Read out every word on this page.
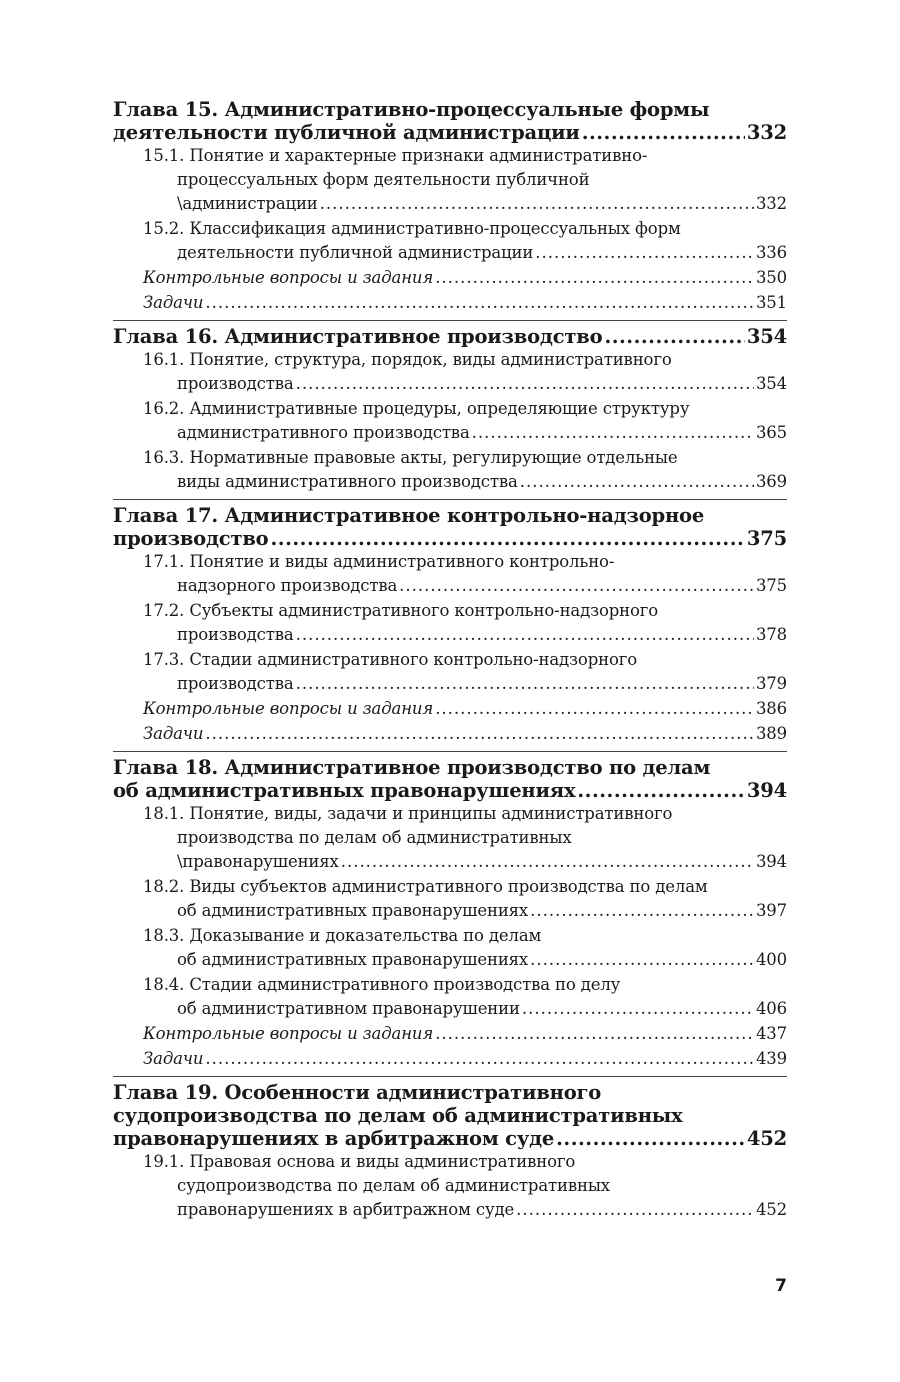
Глава 15. Административно-процессуальные формы
деятельности публичной администрации .....	332
15.1. Понятие и характерные признаки административно-
процессуальных форм деятельности публичной
\администрации .....	332
15.2. Классификация административно-процессуальных форм
деятельности публичной администрации .....	336
Контрольные вопросы и задания .....	350
Задачи .....	351
Глава 16. Административное производство .....	354
16.1. Понятие, структура, порядок, виды административного
производства .....	354
16.2. Административные процедуры, определяющие структуру
административного производства .....	365
16.3. Нормативные правовые акты, регулирующие отдельные
виды административного производства .....	369
Глава 17. Административное контрольно-надзорное
производство .....	375
17.1. Понятие и виды административного контрольно-
надзорного производства .....	375
17.2. Субъекты административного контрольно-надзорного
производства .....	378
17.3. Стадии административного контрольно-надзорного
производства .....	379
Контрольные вопросы и задания .....	386
Задачи .....	389
Глава 18. Административное производство по делам
об административных правонарушениях .....	394
18.1. Понятие, виды, задачи и принципы административного
производства по делам об административных
\правонарушениях .....	394
18.2. Виды субъектов административного производства по делам
об административных правонарушениях .....	397
18.3. Доказывание и доказательства по делам
об административных правонарушениях .....	400
18.4. Стадии административного производства по делу
об административном правонарушении .....	406
Контрольные вопросы и задания .....	437
Задачи .....	439
Глава 19. Особенности административного
судопроизводства по делам об административных
правонарушениях в арбитражном суде .....	452
19.1. Правовая основа и виды административного
судопроизводства по делам об административных
правонарушениях в арбитражном суде .....	452
7
